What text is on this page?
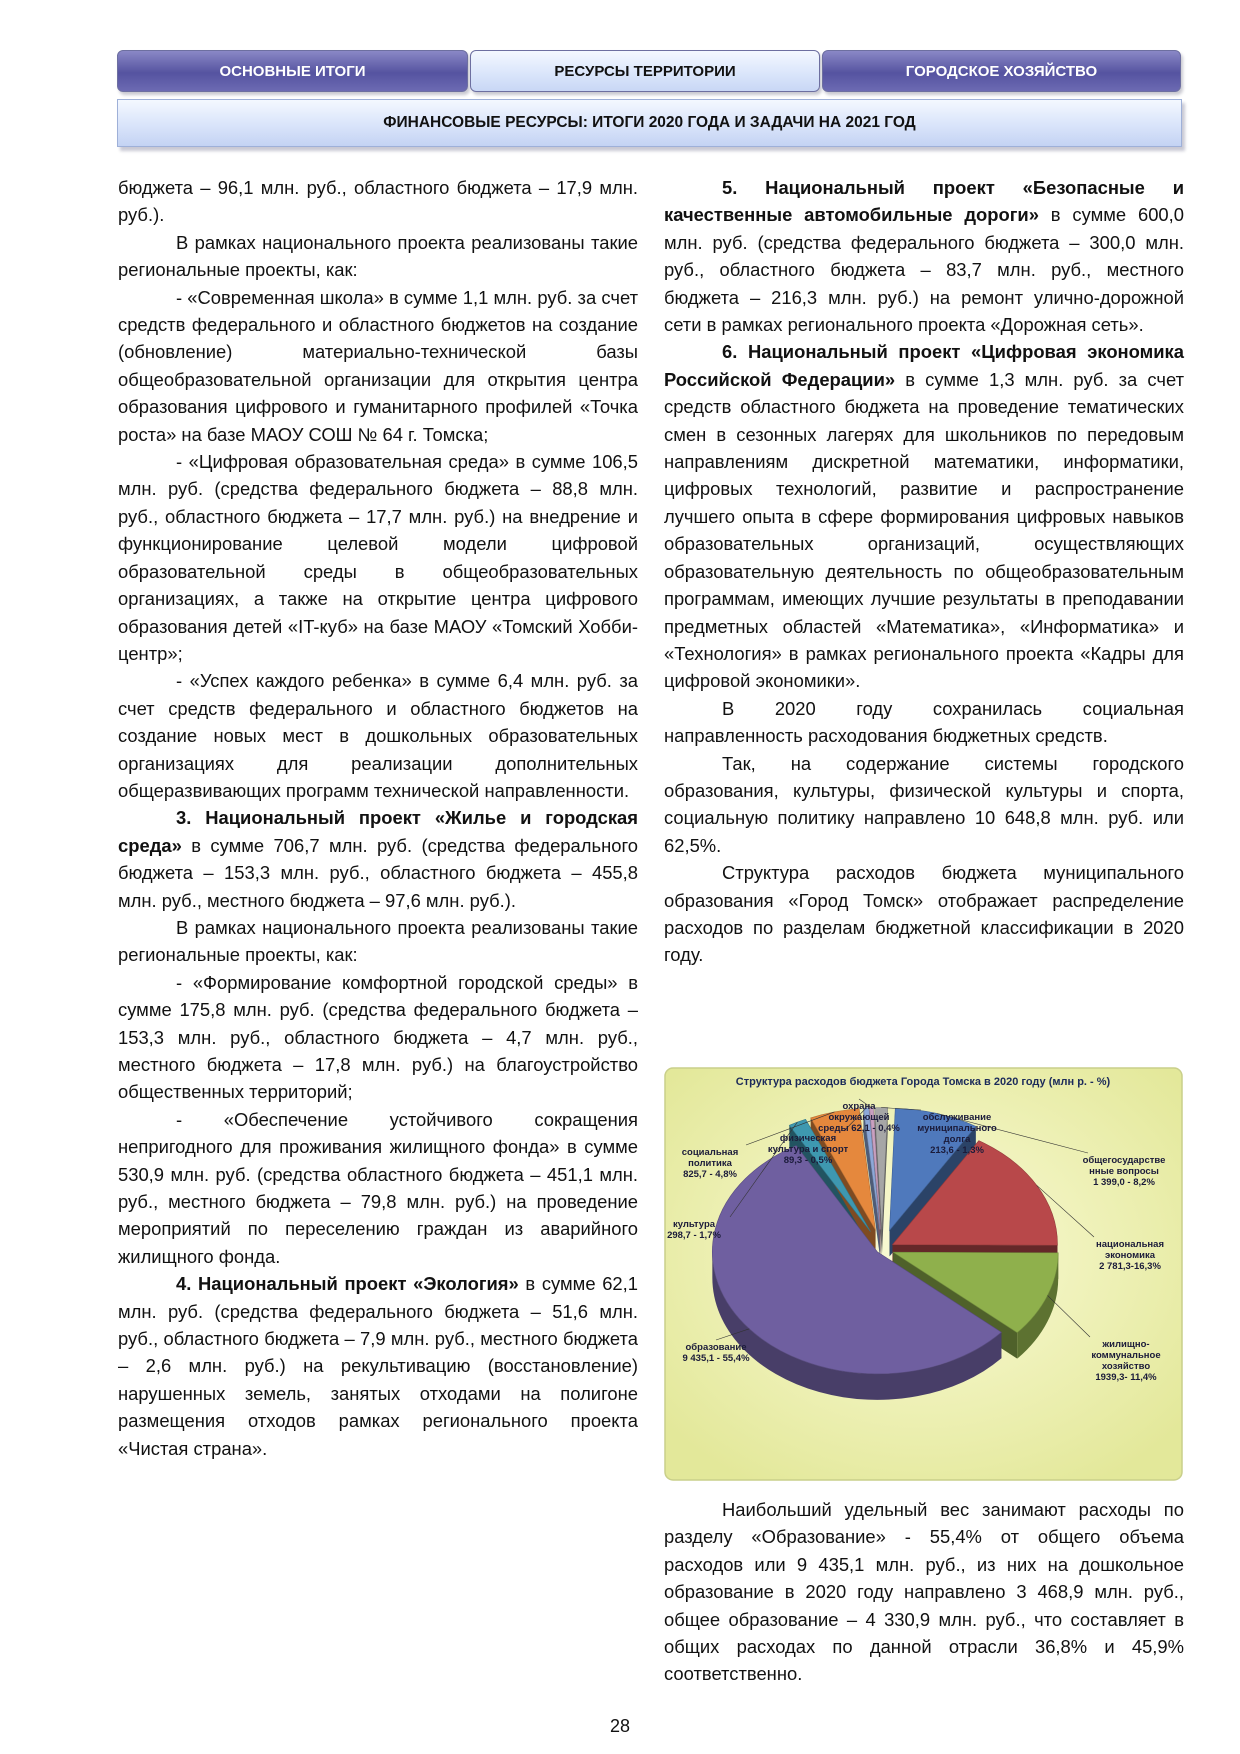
ОСНОВНЫЕ ИТОГИ	РЕСУРСЫ ТЕРРИТОРИИ	ГОРОДСКОЕ ХОЗЯЙСТВО
ФИНАНСОВЫЕ РЕСУРСЫ: ИТОГИ 2020 ГОДА И ЗАДАЧИ НА 2021 ГОД

бюджета – 96,1 млн. руб., областного бюджета – 17,9 млн. руб.).

В рамках национального проекта реализованы такие региональные проекты, как:

- «Современная школа» в сумме 1,1 млн. руб. за счет средств федерального и областного бюджетов на создание (обновление) материально-технической базы общеобразовательной организации для открытия центра образования цифрового и гуманитарного профилей «Точка роста» на базе МАОУ СОШ № 64 г. Томска;

- «Цифровая образовательная среда» в сумме 106,5 млн. руб. (средства федерального бюджета – 88,8 млн. руб., областного бюджета – 17,7 млн. руб.) на внедрение и функционирование целевой модели цифровой образовательной среды в общеобразовательных организациях, а также на открытие центра цифрового образования детей «IT-куб» на базе МАОУ «Томский Хобби-центр»;

- «Успех каждого ребенка» в сумме 6,4 млн. руб. за счет средств федерального и областного бюджетов на создание новых мест в дошкольных образовательных организациях для реализации дополнительных общеразвивающих программ технической направленности.

3. Национальный проект «Жилье и городская среда» в сумме 706,7 млн. руб. (средства федерального бюджета – 153,3 млн. руб., областного бюджета – 455,8 млн. руб., местного бюджета – 97,6 млн. руб.).

В рамках национального проекта реализованы такие региональные проекты, как:

- «Формирование комфортной городской среды» в сумме 175,8 млн. руб. (средства федерального бюджета – 153,3 млн. руб., областного бюджета – 4,7 млн. руб., местного бюджета – 17,8 млн. руб.) на благоустройство общественных территорий;

- «Обеспечение устойчивого сокращения непригодного для проживания жилищного фонда» в сумме 530,9 млн. руб. (средства областного бюджета – 451,1 млн. руб., местного бюджета – 79,8 млн. руб.) на проведение мероприятий по переселению граждан из аварийного жилищного фонда.

4. Национальный проект «Экология» в сумме 62,1 млн. руб. (средства федерального бюджета – 51,6 млн. руб., областного бюджета – 7,9 млн. руб., местного бюджета – 2,6 млн. руб.) на рекультивацию (восстановление) нарушенных земель, занятых отходами на полигоне размещения отходов рамках регионального проекта «Чистая страна».

5. Национальный проект «Безопасные и качественные автомобильные дороги» в сумме 600,0 млн. руб. (средства федерального бюджета – 300,0 млн. руб., областного бюджета – 83,7 млн. руб., местного бюджета – 216,3 млн. руб.) на ремонт улично-дорожной сети в рамках регионального проекта «Дорожная сеть».

6. Национальный проект «Цифровая экономика Российской Федерации» в сумме 1,3 млн. руб. за счет средств областного бюджета на проведение тематических смен в сезонных лагерях для школьников по передовым направлениям дискретной математики, информатики, цифровых технологий, развитие и распространение лучшего опыта в сфере формирования цифровых навыков образовательных организаций, осуществляющих образовательную деятельность по общеобразовательным программам, имеющих лучшие результаты в преподавании предметных областей «Математика», «Информатика» и «Технология» в рамках регионального проекта «Кадры для цифровой экономики».

В 2020 году сохранилась социальная направленность расходования бюджетных средств.

Так, на содержание системы городского образования, культуры, физической культуры и спорта, социальную политику направлено 10 648,8 млн. руб. или 62,5%.

Структура расходов бюджета муниципального образования «Город Томск» отображает распределение расходов по разделам бюджетной классификации в 2020 году.

Структура расходов бюджета Города Томска в 2020 году (млн р. - %)
общегосударстве нные вопросы 1 399,0 - 8,2%
национальная экономика 2 781,3-16,3%
жилищно-коммунальное хозяйство 1939,3- 11,4%
образование 9 435,1 - 55,4%
культура 298,7 - 1,7%
социальная политика 825,7 - 4,8%
физическая культура и спорт 89,3 - 0,5%
охрана окружающей среды 62,1 - 0,4%
обслуживание муниципального долга 213,6 - 1,3%

Наибольший удельный вес занимают расходы по разделу «Образование» - 55,4% от общего объема расходов или 9 435,1 млн. руб., из них на дошкольное образование в 2020 году направлено 3 468,9 млн. руб., общее образование – 4 330,9 млн. руб., что составляет в общих расходах по данной отрасли 36,8% и 45,9% соответственно.

28
